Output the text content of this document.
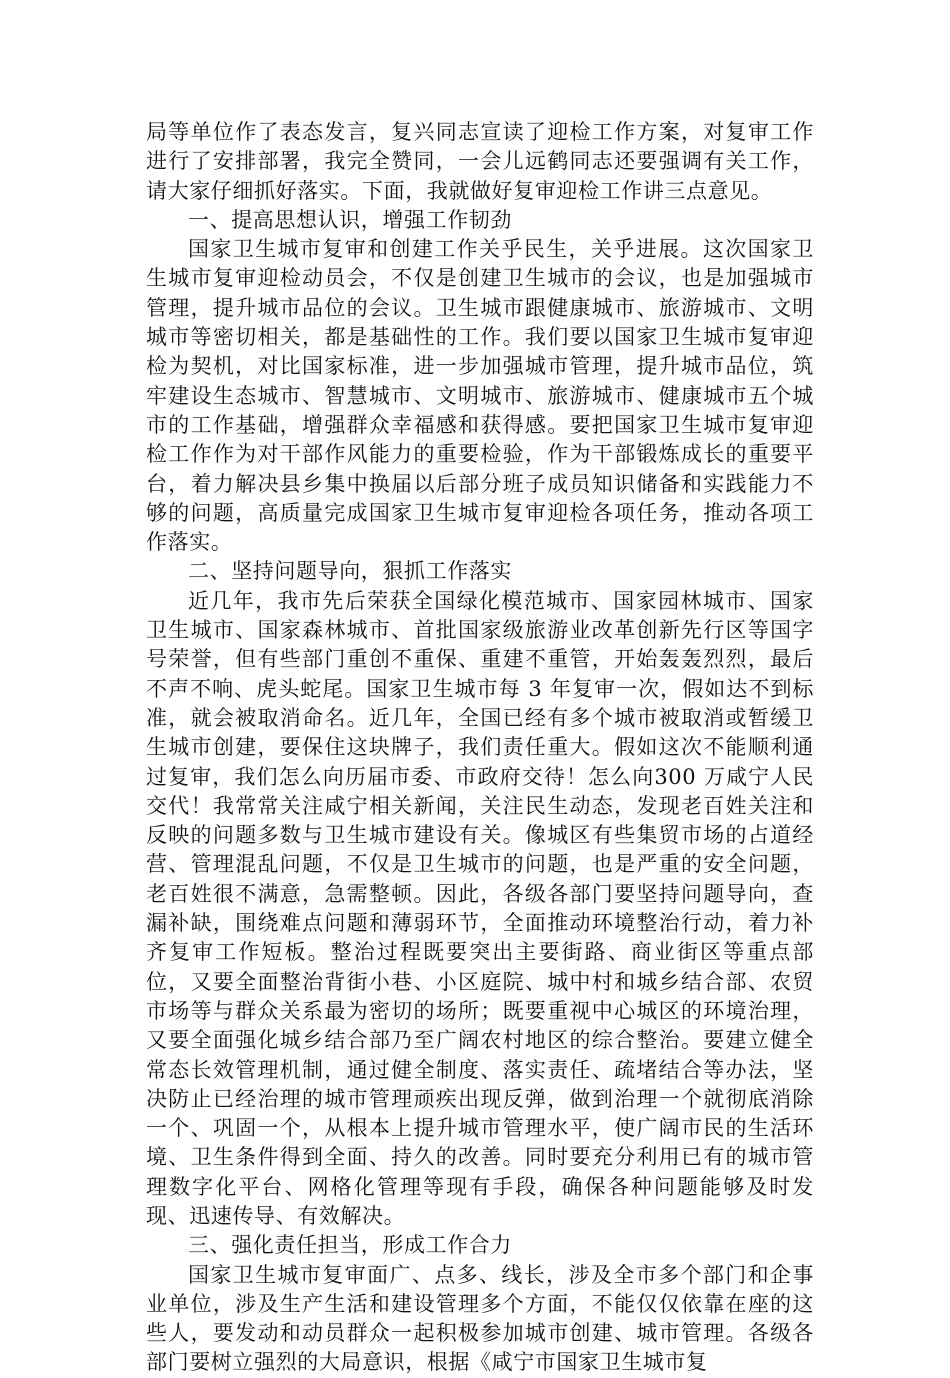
局等单位作了表态发言，复兴同志宣读了迎检工作方案，对复审工作进行了安排部署，我完全赞同，一会儿远鹤同志还要强调有关工作，请大家仔细抓好落实。下面，我就做好复审迎检工作讲三点意见。

一、提高思想认识，增强工作韧劲

国家卫生城市复审和创建工作关乎民生，关乎进展。这次国家卫生城市复审迎检动员会，不仅是创建卫生城市的会议，也是加强城市管理，提升城市品位的会议。卫生城市跟健康城市、旅游城市、文明城市等密切相关，都是基础性的工作。我们要以国家卫生城市复审迎检为契机，对比国家标准，进一步加强城市管理，提升城市品位，筑牢建设生态城市、智慧城市、文明城市、旅游城市、健康城市五个城市的工作基础，增强群众幸福感和获得感。要把国家卫生城市复审迎检工作作为对干部作风能力的重要检验，作为干部锻炼成长的重要平台，着力解决县乡集中换届以后部分班子成员知识储备和实践能力不够的问题，高质量完成国家卫生城市复审迎检各项任务，推动各项工作落实。

二、坚持问题导向，狠抓工作落实

近几年，我市先后荣获全国绿化模范城市、国家园林城市、国家卫生城市、国家森林城市、首批国家级旅游业改革创新先行区等国字号荣誉，但有些部门重创不重保、重建不重管，开始轰轰烈烈，最后不声不响、虎头蛇尾。国家卫生城市每 3 年复审一次，假如达不到标准，就会被取消命名。近几年，全国已经有多个城市被取消或暂缓卫生城市创建，要保住这块牌子，我们责任重大。假如这次不能顺利通过复审，我们怎么向历届市委、市政府交待！怎么向300 万咸宁人民交代！我常常关注咸宁相关新闻，关注民生动态，发现老百姓关注和反映的问题多数与卫生城市建设有关。像城区有些集贸市场的占道经营、管理混乱问题，不仅是卫生城市的问题，也是严重的安全问题，老百姓很不满意，急需整顿。因此，各级各部门要坚持问题导向，查漏补缺，围绕难点问题和薄弱环节，全面推动环境整治行动，着力补齐复审工作短板。整治过程既要突出主要街路、商业街区等重点部位，又要全面整治背街小巷、小区庭院、城中村和城乡结合部、农贸市场等与群众关系最为密切的场所；既要重视中心城区的环境治理，又要全面强化城乡结合部乃至广阔农村地区的综合整治。要建立健全常态长效管理机制，通过健全制度、落实责任、疏堵结合等办法，坚决防止已经治理的城市管理顽疾出现反弹，做到治理一个就彻底消除一个、巩固一个，从根本上提升城市管理水平，使广阔市民的生活环境、卫生条件得到全面、持久的改善。同时要充分利用已有的城市管理数字化平台、网格化管理等现有手段，确保各种问题能够及时发现、迅速传导、有效解决。

三、强化责任担当，形成工作合力

国家卫生城市复审面广、点多、线长，涉及全市多个部门和企事业单位，涉及生产生活和建设管理多个方面，不能仅仅依靠在座的这些人，要发动和动员群众一起积极参加城市创建、城市管理。各级各部门要树立强烈的大局意识，根据《咸宁市国家卫生城市复
